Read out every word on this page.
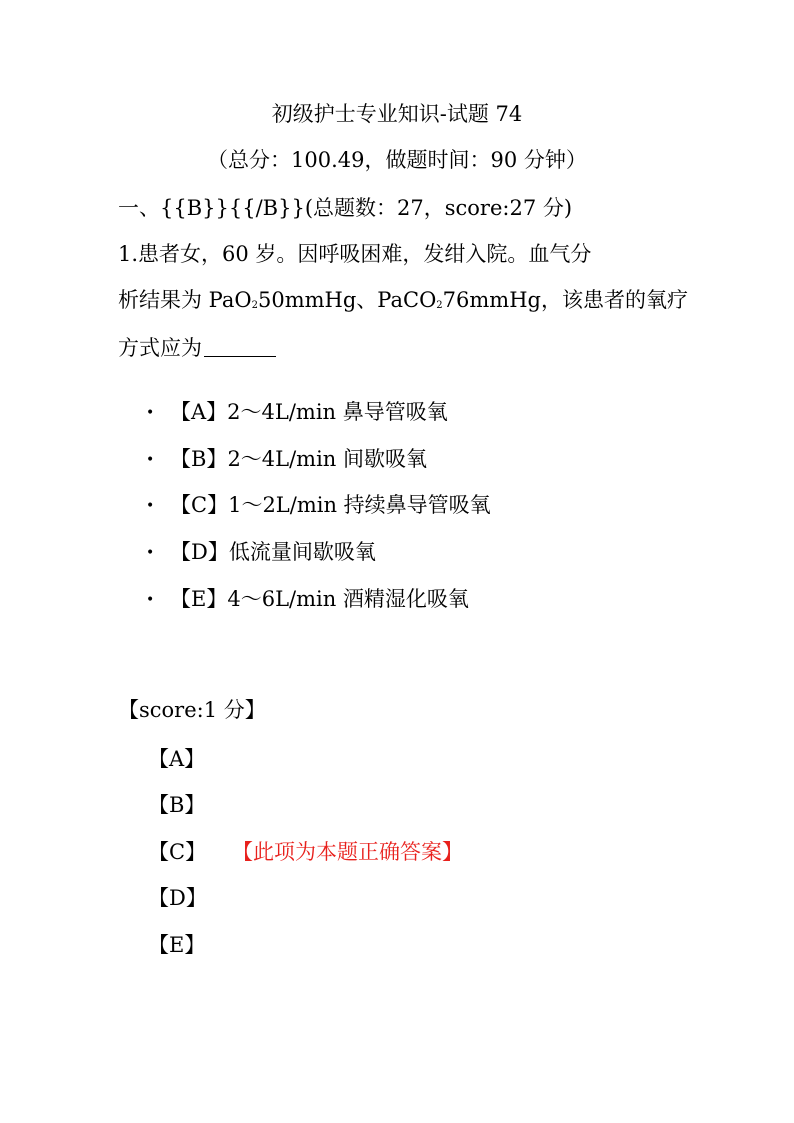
初级护士专业知识-试题 74
（总分：100.49，做题时间：90 分钟）
一、{{B}}{{/B}}(总题数：27，score:27 分)
1.患者女，60 岁。因呼吸困难，发绀入院。血气分
析结果为 PaO$_2$50mmHg、PaCO$_2$76mmHg，该患者的氧疗
方式应为
• 【A】2～4L/min 鼻导管吸氧
• 【B】2～4L/min 间歇吸氧
• 【C】1～2L/min 持续鼻导管吸氧
• 【D】低流量间歇吸氧
• 【E】4～6L/min 酒精湿化吸氧
【score:1 分】
【A】
【B】
【C】 【此项为本题正确答案】
【D】
【E】
